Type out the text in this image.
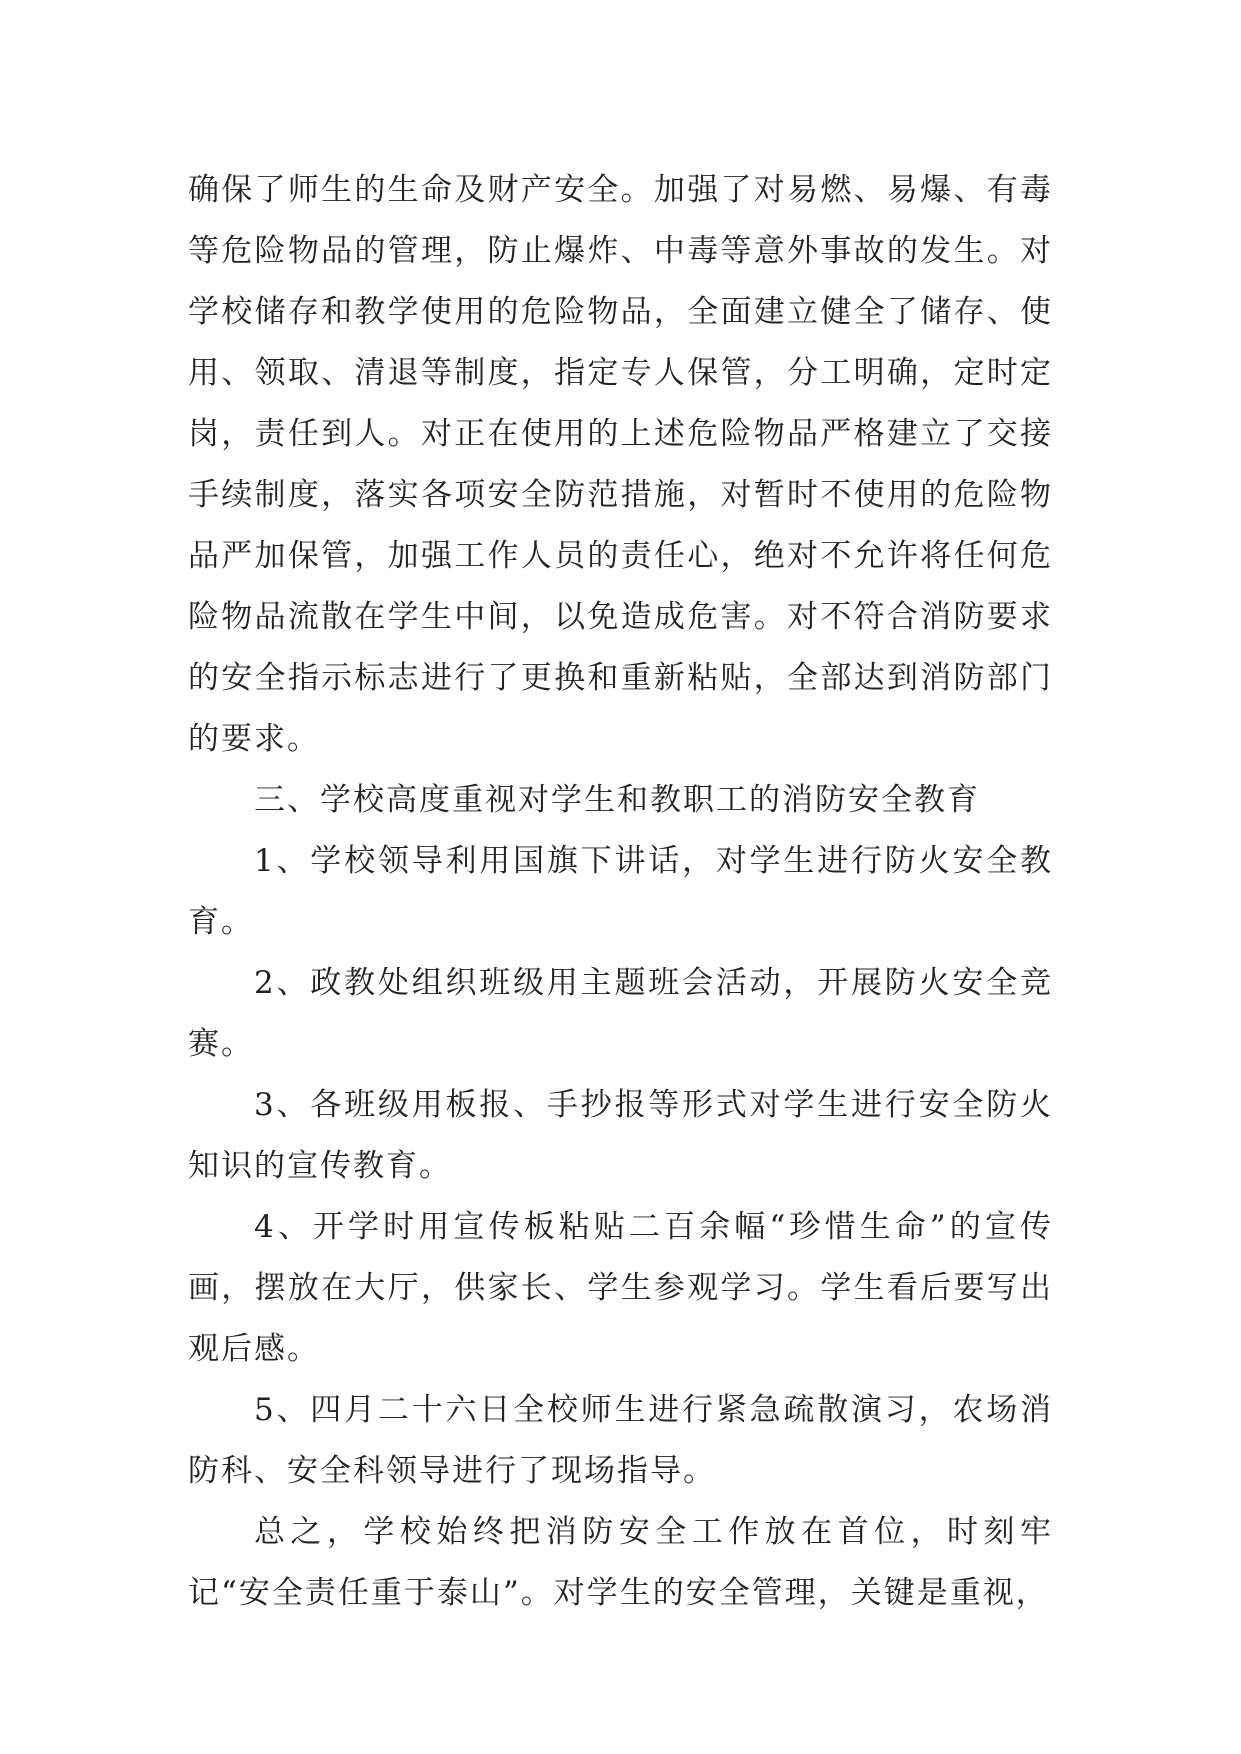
确保了师生的生命及财产安全。加强了对易燃、易爆、有毒等危险物品的管理，防止爆炸、中毒等意外事故的发生。对学校储存和教学使用的危险物品，全面建立健全了储存、使用、领取、清退等制度，指定专人保管，分工明确，定时定岗，责任到人。对正在使用的上述危险物品严格建立了交接手续制度，落实各项安全防范措施，对暂时不使用的危险物品严加保管，加强工作人员的责任心，绝对不允许将任何危险物品流散在学生中间，以免造成危害。对不符合消防要求的安全指示标志进行了更换和重新粘贴，全部达到消防部门的要求。

三、学校高度重视对学生和教职工的消防安全教育

1、学校领导利用国旗下讲话，对学生进行防火安全教育。

2、政教处组织班级用主题班会活动，开展防火安全竞赛。

3、各班级用板报、手抄报等形式对学生进行安全防火知识的宣传教育。

4、开学时用宣传板粘贴二百余幅“珍惜生命”的宣传画，摆放在大厅，供家长、学生参观学习。学生看后要写出观后感。

5、四月二十六日全校师生进行紧急疏散演习，农场消防科、安全科领导进行了现场指导。

总之，学校始终把消防安全工作放在首位，时刻牢记“安全责任重于泰山”。对学生的安全管理，关键是重视，
